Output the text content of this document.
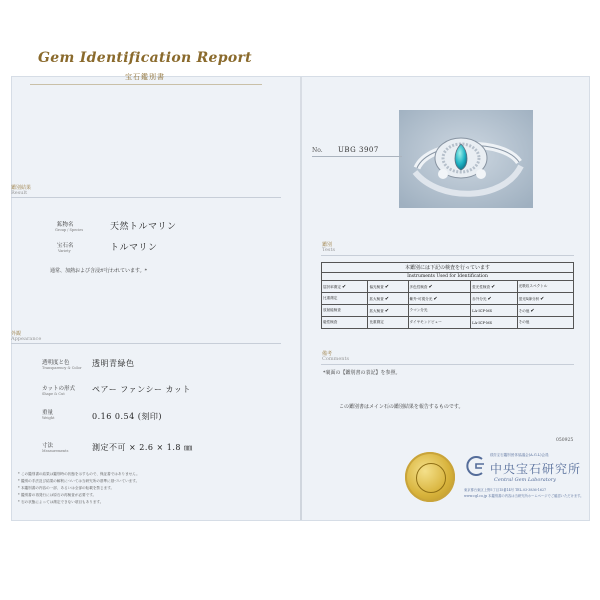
Gem Identification Report
宝石鑑別書
鑑別結果
Result
鉱物名
Group / Species	天然トルマリン
宝石名
Variety	トルマリン
通常、加熱および含浸が行われています。*
外観
Appearance
透明度と色
Transparency & Color 透明青緑色
カットの形式
Shape & Cut	ペアー ファンシー カット
重量
Weight	0.16 0.54 (刻印)
寸法
Measurements	測定不可 × 2.6 × 1.8 ㎜
* この鑑別書の結果は鑑別時の状態を示すもので、保証書ではありません。
* 鑑別の手法及び結果の解釈については当研究所の基準に基づいています。
* 本鑑別書の内容の一部、あるいは全部の転載を禁じます。
* 鑑別書の再発行には原石の再検査が必要です。
* 石の状態によっては測定できない項目もあります。
No. UBG 3907
鑑別
Tests
本鑑別には下記の検査を行っています				
Instruments Used for Identification				
屈折率測定✔	偏光検査✔	多色性検査✔	蛍光性検査✔	光吸収スペクトル
比重測定	拡大検査✔	紫外-可視分光✔	赤外分光✔	蛍光X線分析✔
放射能検査	拡大検査✔	ラマン分光	LA-ICP-MS	その他✔
磁性検査	比重測定	ダイヤモンドビュー	LA-ICP-MS	その他
備考
Comments
*裏面の【鑑別書の表記】を参照。
この鑑別書はメイン石の鑑別結果を報告するものです。
050925
(財)宝石鑑別団体協議会(A.G.L)会員
中央宝石研究所
Central Gem Laboratory
東京都台東区上野5丁目15番14号 TEL.03-3836-1627
www.cgl.co.jp 本鑑別書の内容は当研究所ホームページでご確認いただけます。
